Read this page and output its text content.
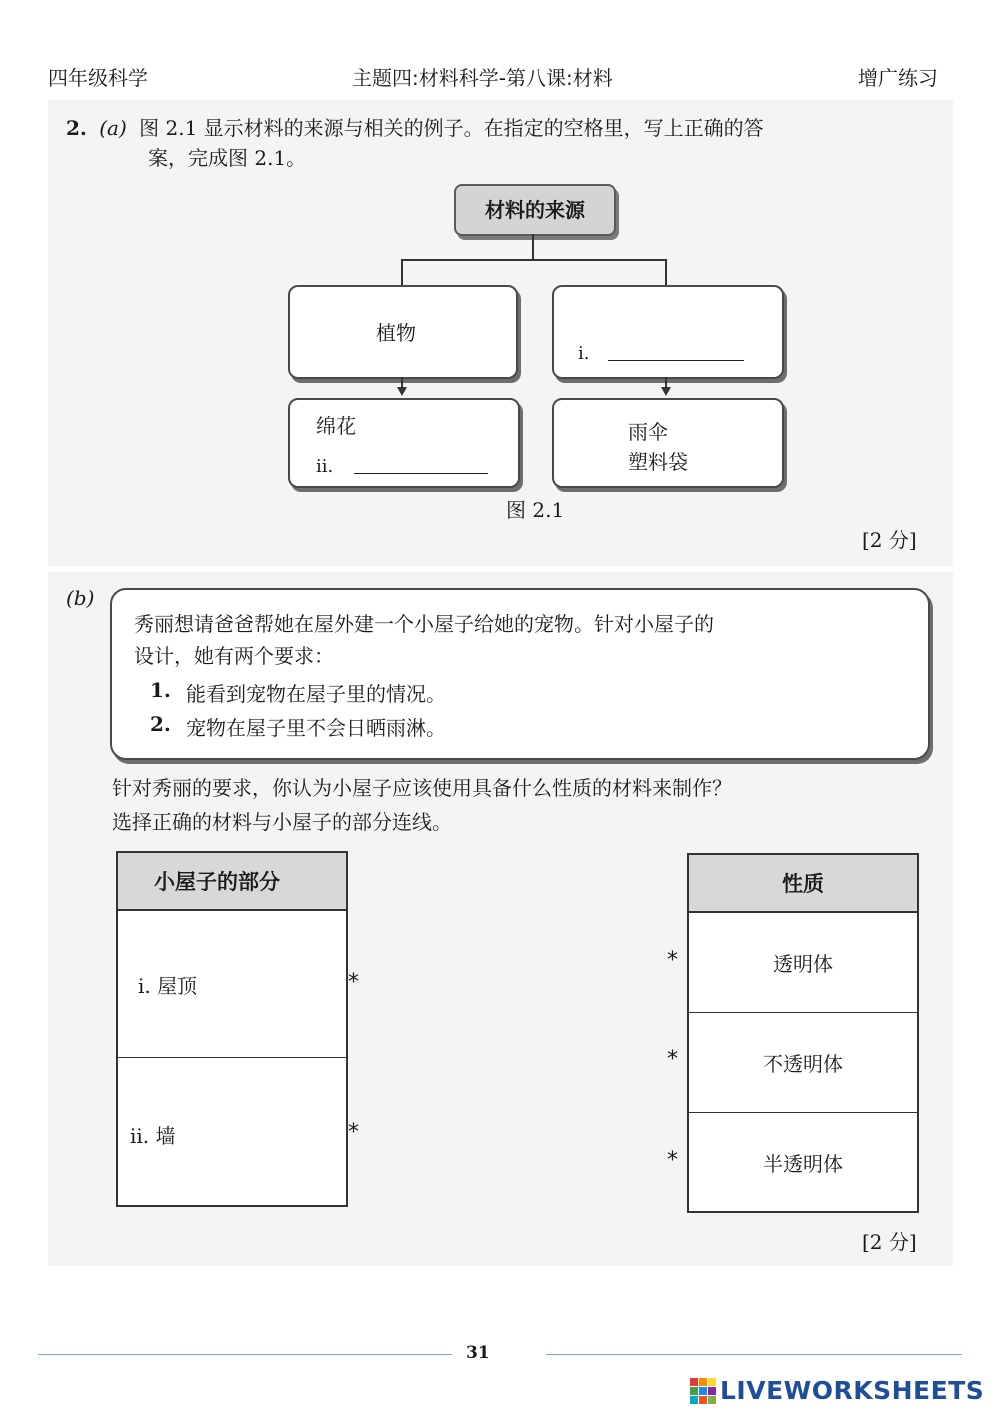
四年级科学	主题四:材料科学-第八课:材料	增广练习
2. (a) 图 2.1 显示材料的来源与相关的例子。在指定的空格里，写上正确的答
案，完成图 2.1。
材料的来源
植物
i.
绵花
ii.
雨伞
塑料袋
图 2.1
[2 分]
(b)
秀丽想请爸爸帮她在屋外建一个小屋子给她的宠物。针对小屋子的
设计，她有两个要求：
1. 能看到宠物在屋子里的情况。
2. 宠物在屋子里不会日晒雨淋。
针对秀丽的要求，你认为小屋子应该使用具备什么性质的材料来制作？
选择正确的材料与小屋子的部分连线。
小屋子的部分
i. 屋顶
ii. 墙
*
*
性质
透明体
不透明体
半透明体
*
*
*
[2 分]
31
LIVEWORKSHEETS
